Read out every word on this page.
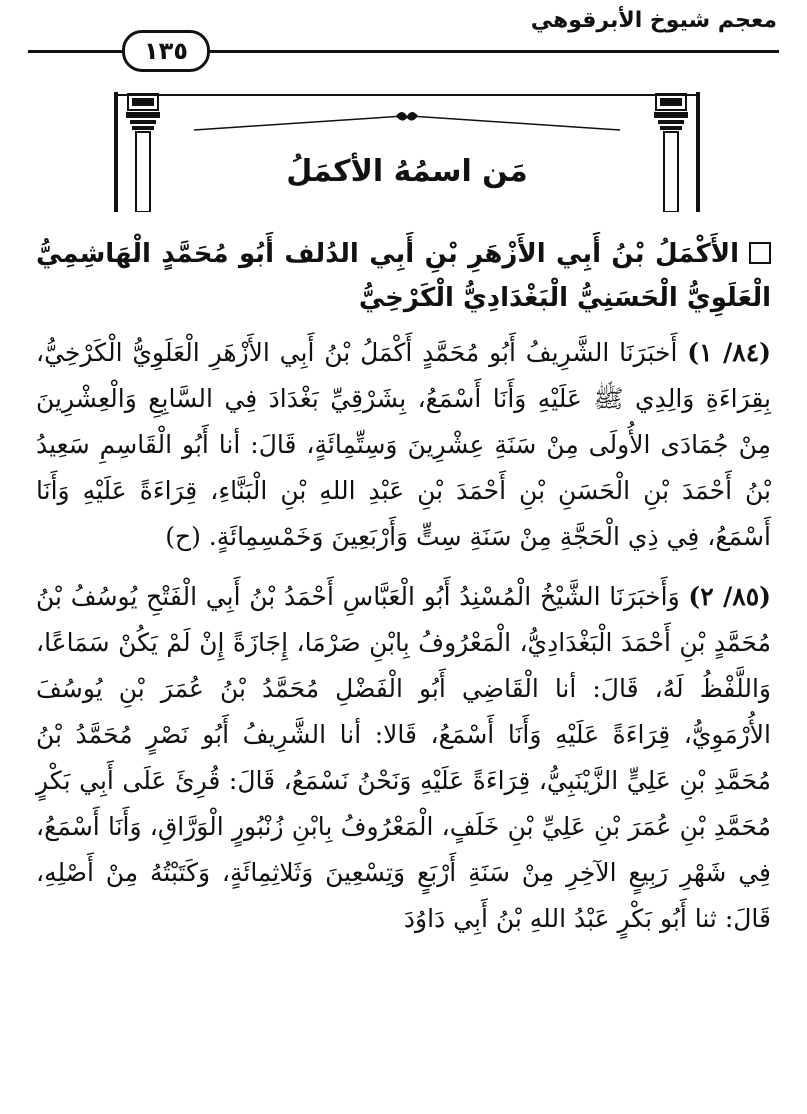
معجم شيوخ الأبرقوهي
١٣٥
مَن اسمُهُ الأكمَلُ
الأَكْمَلُ بْنُ أَبِي الأَزْهَرِ بْنِ أَبِي الدُلف أَبُو مُحَمَّدٍ الْهَاشِمِيُّ الْعَلَوِيُّ الْحَسَنِيُّ الْبَغْدَادِيُّ الْكَرْخِيُّ

(٨٤/ ١) أَخبَرَنَا الشَّرِيفُ أَبُو مُحَمَّدٍ أَكْمَلُ بْنُ أَبِي الأَزْهَرِ الْعَلَوِيُّ الْكَرْخِيُّ، بِقِرَاءَةِ وَالِدِي ﷺ عَلَيْهِ وَأَنَا أَسْمَعُ، بِشَرْقِيِّ بَغْدَادَ فِي السَّابِعِ وَالْعِشْرِينَ مِنْ جُمَادَى الأُولَى مِنْ سَنَةِ عِشْرِينَ وَسِتِّمِائَةٍ، قَالَ: أنا أَبُو الْقَاسِمِ سَعِيدُ بْنُ أَحْمَدَ بْنِ الْحَسَنِ بْنِ أَحْمَدَ بْنِ عَبْدِ اللهِ بْنِ الْبَنَّاءِ، قِرَاءَةً عَلَيْهِ وَأَنَا أَسْمَعُ، فِي ذِي الْحَجَّةِ مِنْ سَنَةِ سِتٍّ وَأَرْبَعِينَ وَخَمْسِمِائَةٍ. (ح)

(٨٥/ ٢) وَأَخبَرَنَا الشَّيْخُ الْمُسْنِدُ أَبُو الْعَبَّاسِ أَحْمَدُ بْنُ أَبِي الْفَتْحِ يُوسُفُ بْنُ مُحَمَّدٍ بْنِ أَحْمَدَ الْبَغْدَادِيُّ، الْمَعْرُوفُ بِابْنِ صَرْمَا، إِجَازَةً إِنْ لَمْ يَكُنْ سَمَاعًا، وَاللَّفْظُ لَهُ، قَالَ: أنا الْقَاضِي أَبُو الْفَضْلِ مُحَمَّدُ بْنُ عُمَرَ بْنِ يُوسُفَ الأُرْمَوِيُّ، قِرَاءَةً عَلَيْهِ وَأَنَا أَسْمَعُ، قَالا: أنا الشَّرِيفُ أَبُو نَصْرٍ مُحَمَّدُ بْنُ مُحَمَّدِ بْنِ عَلِيٍّ الزَّيْنَبِيُّ، قِرَاءَةً عَلَيْهِ وَنَحْنُ نَسْمَعُ، قَالَ: قُرِئَ عَلَى أَبِي بَكْرٍ مُحَمَّدِ بْنِ عُمَرَ بْنِ عَلِيِّ بْنِ خَلَفٍ، الْمَعْرُوفُ بِابْنِ زُنْبُورٍ الْوَرَّاقِ، وَأَنَا أَسْمَعُ، فِي شَهْرِ رَبِيعٍ الآخِرِ مِنْ سَنَةِ أَرْبَعٍ وَتِسْعِينَ وَثَلاثِمِائَةٍ، وَكَتَبْتُهُ مِنْ أَصْلِهِ، قَالَ: ثنا أَبُو بَكْرٍ عَبْدُ اللهِ بْنُ أَبِي دَاوُدَ
